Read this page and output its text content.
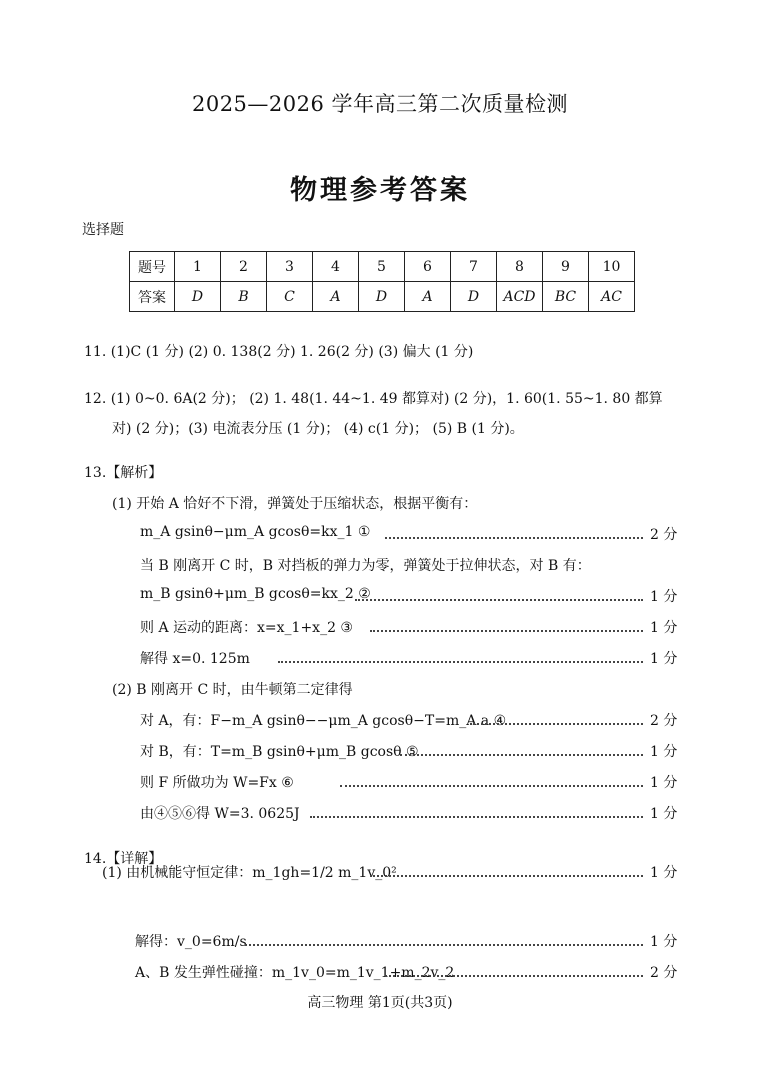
2025—2026 学年高三第二次质量检测
物理参考答案
选择题
题号	1	2	3	4	5	6	7	8	9	10
答案	D	B	C	A	D	A	D	ACD	BC	AC
11. (1)C (1 分) (2) 0. 138(2 分) 1. 26(2 分) (3) 偏大 (1 分)
12. (1) 0~0. 6A(2 分)； (2) 1. 48(1. 44~1. 49 都算对) (2 分)，1. 60(1. 55~1. 80 都算
对) (2 分)；(3) 电流表分压 (1 分)； (4) c(1 分)； (5) B (1 分)。
13.【解析】
(1) 开始 A 恰好不下滑，弹簧处于压缩状态，根据平衡有：
m_A gsinθ−μm_A gcosθ=kx_1 ①	2 分
当 B 刚离开 C 时，B 对挡板的弹力为零，弹簧处于拉伸状态，对 B 有：
m_B gsinθ+μm_B gcosθ=kx_2 ②	1 分
则 A 运动的距离：x=x_1+x_2 ③	1 分
解得 x=0. 125m	1 分
(2) B 刚离开 C 时，由牛顿第二定律得
对 A，有：F−m_A gsinθ−−μm_A gcosθ−T=m_A a ④	2 分
对 B，有：T=m_B gsinθ+μm_B gcosθ ⑤	1 分
则 F 所做功为 W=Fx ⑥	1 分
由④⑤⑥得 W=3. 0625J	1 分
14.【详解】
(1) 由机械能守恒定律：m_1gh=1/2 m_1v_0²	1 分
解得：v_0=6m/s	1 分
A、B 发生弹性碰撞：m_1v_0=m_1v_1+m_2v_2	2 分
高三物理 第1页(共3页)
